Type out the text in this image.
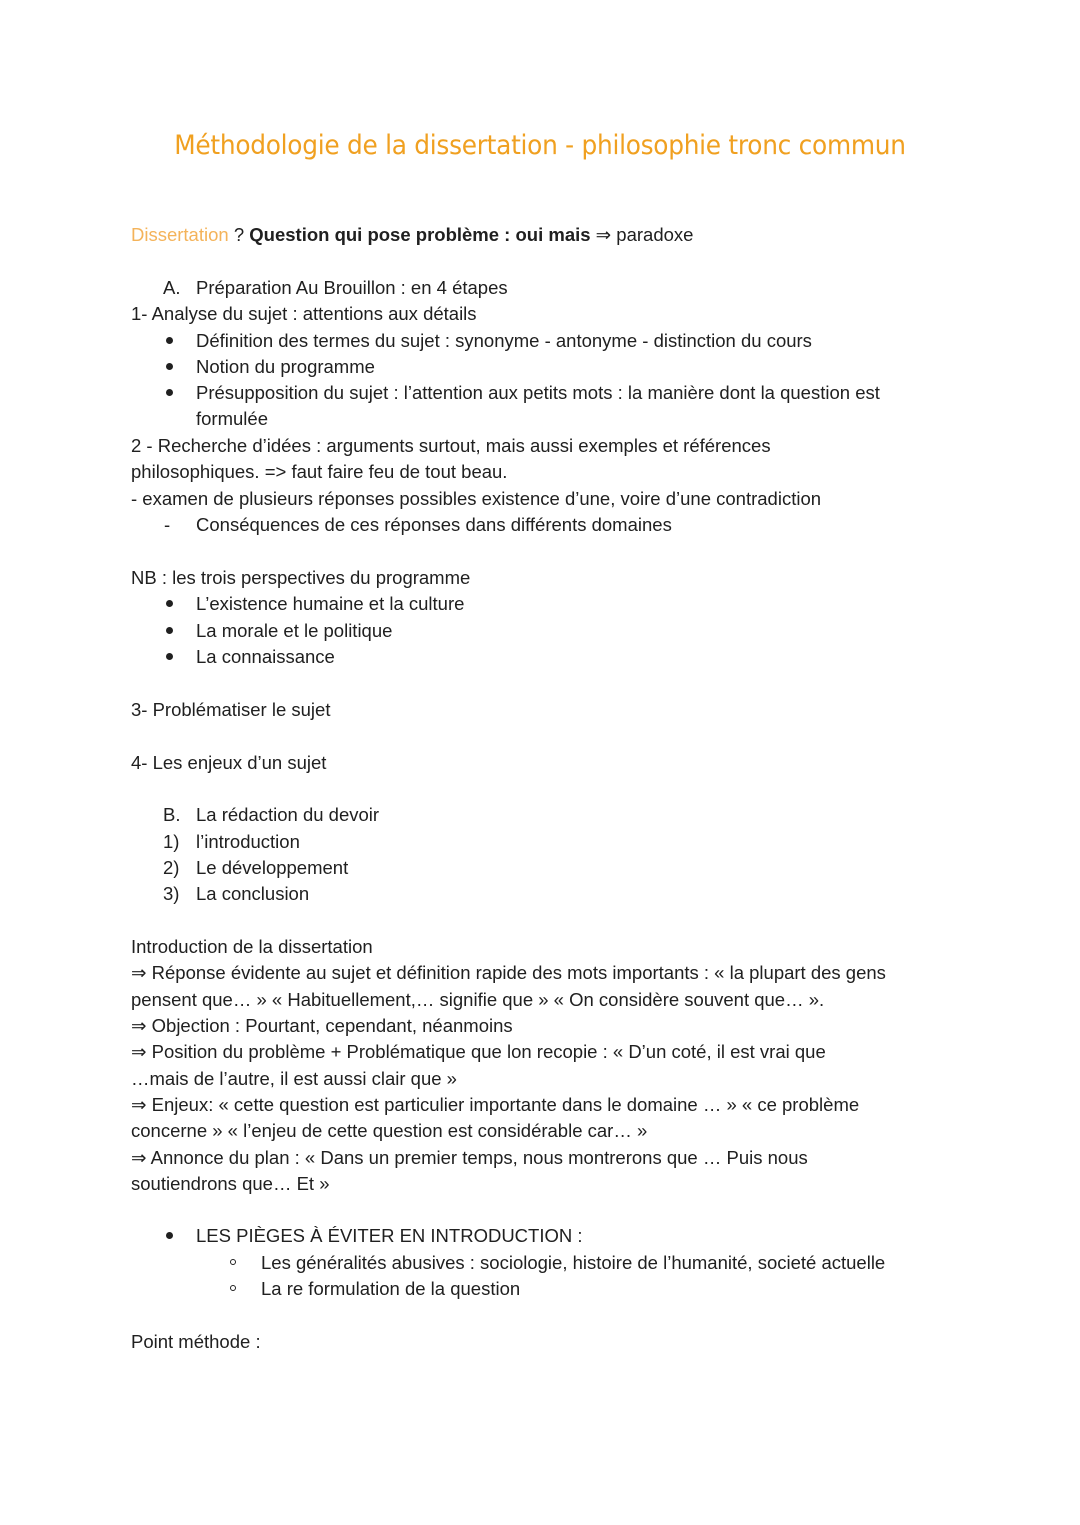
Méthodologie de la dissertation - philosophie tronc commun
Dissertation ? Question qui pose problème : oui mais ⇒ paradoxe
A. Préparation Au Brouillon : en 4 étapes
1- Analyse du sujet : attentions aux détails
Définition des termes du sujet : synonyme - antonyme - distinction du cours
Notion du programme
Présupposition du sujet : l’attention aux petits mots : la manière dont la question est
formulée
2 - Recherche d’idées : arguments surtout, mais aussi exemples et références
philosophiques. => faut faire feu de tout beau.
- examen de plusieurs réponses possibles existence d’une, voire d’une contradiction
- Conséquences de ces réponses dans différents domaines
NB : les trois perspectives du programme
L’existence humaine et la culture
La morale et le politique
La connaissance
3- Problématiser le sujet
4- Les enjeux d’un sujet
B. La rédaction du devoir
1) l’introduction
2) Le développement
3) La conclusion
Introduction de la dissertation
⇒ Réponse évidente au sujet et définition rapide des mots importants : « la plupart des gens
pensent que… » « Habituellement,… signifie que » « On considère souvent que… ».
⇒ Objection : Pourtant, cependant, néanmoins
⇒ Position du problème + Problématique que lon recopie : « D’un coté, il est vrai que
…mais de l’autre, il est aussi clair que »
⇒ Enjeux: « cette question est particulier importante dans le domaine … » « ce problème
concerne » « l’enjeu de cette question est considérable car… »
⇒ Annonce du plan : « Dans un premier temps, nous montrerons que … Puis nous
soutiendrons que… Et »
LES PIÈGES À ÉVITER EN INTRODUCTION :
Les généralités abusives : sociologie, histoire de l’humanité, societé actuelle
La re formulation de la question
Point méthode :
